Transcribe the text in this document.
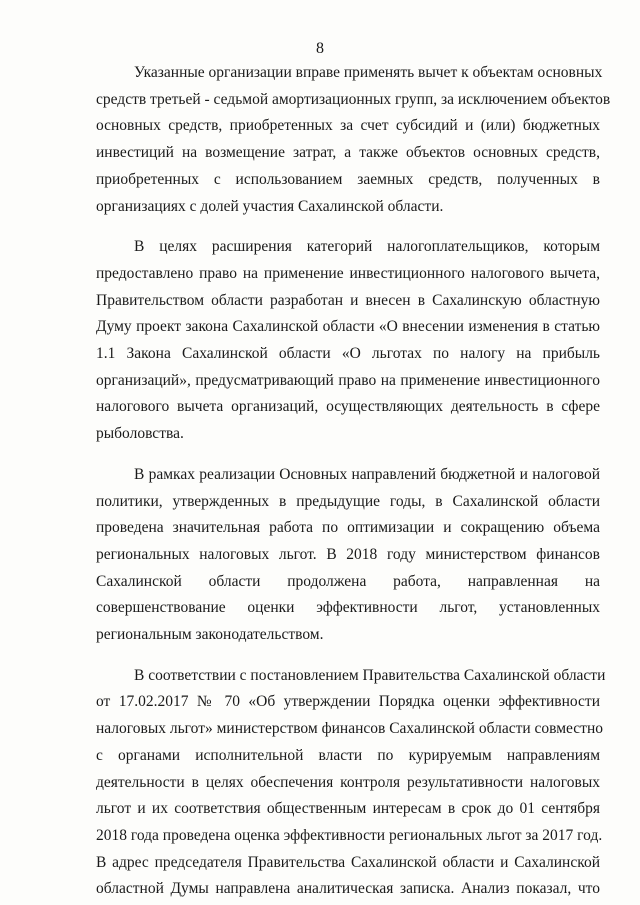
8
Указанные организации вправе применять вычет к объектам основных
средств третьей - седьмой амортизационных групп, за исключением объектов
основных средств, приобретенных за счет субсидий и (или) бюджетных
инвестиций на возмещение затрат, а также объектов основных средств,
приобретенных с использованием заемных средств, полученных в
организациях с долей участия Сахалинской области.
В целях расширения категорий налогоплательщиков, которым
предоставлено право на применение инвестиционного налогового вычета,
Правительством области разработан и внесен в Сахалинскую областную
Думу проект закона Сахалинской области «О внесении изменения в статью
1.1 Закона Сахалинской области «О льготах по налогу на прибыль
организаций», предусматривающий право на применение инвестиционного
налогового вычета организаций, осуществляющих деятельность в сфере
рыболовства.
В рамках реализации Основных направлений бюджетной и налоговой
политики, утвержденных в предыдущие годы, в Сахалинской области
проведена значительная работа по оптимизации и сокращению объема
региональных налоговых льгот. В 2018 году министерством финансов
Сахалинской области продолжена работа, направленная на
совершенствование оценки эффективности льгот, установленных
региональным законодательством.
В соответствии с постановлением Правительства Сахалинской области
от 17.02.2017 № 70 «Об утверждении Порядка оценки эффективности
налоговых льгот» министерством финансов Сахалинской области совместно
с органами исполнительной власти по курируемым направлениям
деятельности в целях обеспечения контроля результативности налоговых
льгот и их соответствия общественным интересам в срок до 01 сентября
2018 года проведена оценка эффективности региональных льгот за 2017 год.
В адрес председателя Правительства Сахалинской области и Сахалинской
областной Думы направлена аналитическая записка. Анализ показал, что
